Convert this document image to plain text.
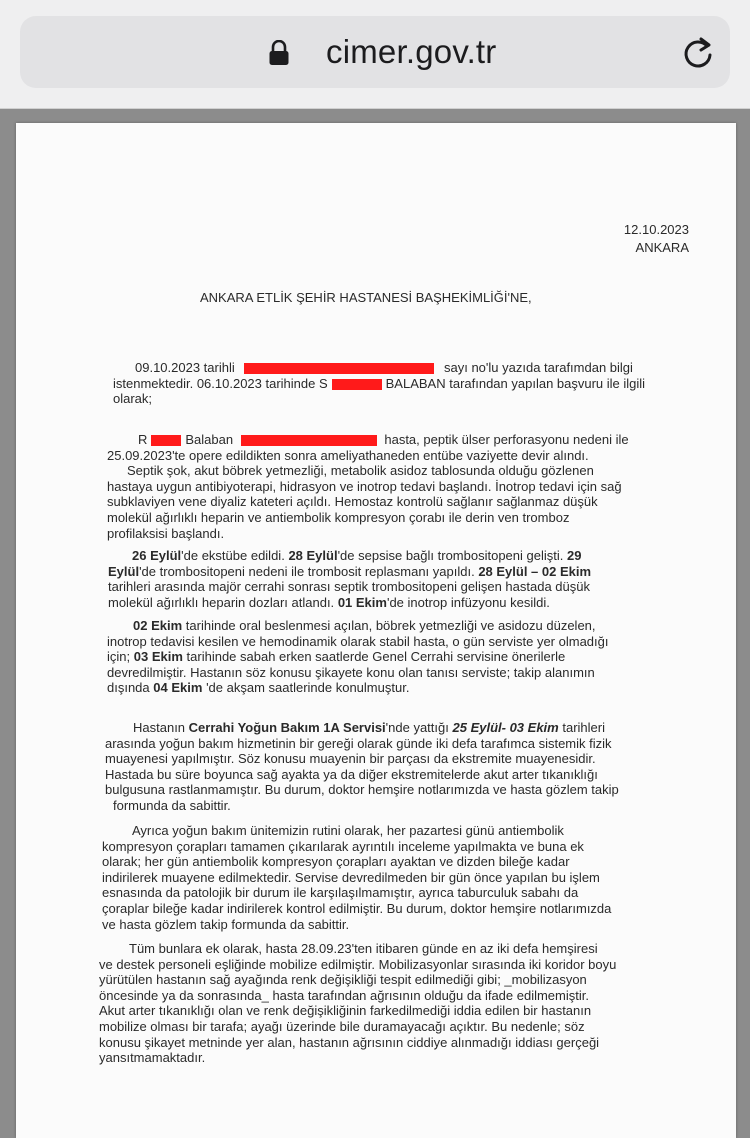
cimer.gov.tr
12.10.2023
ANKARA
ANKARA ETLİK ŞEHİR HASTANESİ BAŞHEKİMLİĞİ'NE,
09.10.2023 tarihli	sayı no'lu yazıda tarafımdan bilgi
istenmektedir. 06.10.2023 tarihinde S	BALABAN tarafından yapılan başvuru ile ilgili
olarak;
R	Balaban	hasta, peptik ülser perforasyonu nedeni ile
25.09.2023'te opere edildikten sonra ameliyathaneden entübe vaziyette devir alındı.
Septik şok, akut böbrek yetmezliği, metabolik asidoz tablosunda olduğu gözlenen
hastaya uygun antibiyoterapi, hidrasyon ve inotrop tedavi başlandı. İnotrop tedavi için sağ
subklaviyen vene diyaliz kateteri açıldı. Hemostaz kontrolü sağlanır sağlanmaz düşük
molekül ağırlıklı heparin ve antiembolik kompresyon çorabı ile derin ven tromboz
profilaksisi başlandı.
26 Eylül'de ekstübe edildi. 28 Eylül'de sepsise bağlı trombositopeni gelişti. 29
Eylül'de trombositopeni nedeni ile trombosit replasmanı yapıldı. 28 Eylül – 02 Ekim
tarihleri arasında majör cerrahi sonrası septik trombositopeni gelişen hastada düşük
molekül ağırlıklı heparin dozları atlandı. 01 Ekim'de inotrop infüzyonu kesildi.
02 Ekim tarihinde oral beslenmesi açılan, böbrek yetmezliği ve asidozu düzelen,
inotrop tedavisi kesilen ve hemodinamik olarak stabil hasta, o gün serviste yer olmadığı
için; 03 Ekim tarihinde sabah erken saatlerde Genel Cerrahi servisine önerilerle
devredilmiştir. Hastanın söz konusu şikayete konu olan tanısı serviste; takip alanımın
dışında 04 Ekim 'de akşam saatlerinde konulmuştur.
Hastanın Cerrahi Yoğun Bakım 1A Servisi'nde yattığı 25 Eylül- 03 Ekim tarihleri
arasında yoğun bakım hizmetinin bir gereği olarak günde iki defa tarafımca sistemik fizik
muayenesi yapılmıştır. Söz konusu muayenin bir parçası da ekstremite muayenesidir.
Hastada bu süre boyunca sağ ayakta ya da diğer ekstremitelerde akut arter tıkanıklığı
bulgusuna rastlanmamıştır. Bu durum, doktor hemşire notlarımızda ve hasta gözlem takip
formunda da sabittir.
Ayrıca yoğun bakım ünitemizin rutini olarak, her pazartesi günü antiembolik
kompresyon çorapları tamamen çıkarılarak ayrıntılı inceleme yapılmakta ve buna ek
olarak; her gün antiembolik kompresyon çorapları ayaktan ve dizden bileğe kadar
indirilerek muayene edilmektedir. Servise devredilmeden bir gün önce yapılan bu işlem
esnasında da patolojik bir durum ile karşılaşılmamıştır, ayrıca taburculuk sabahı da
çoraplar bileğe kadar indirilerek kontrol edilmiştir. Bu durum, doktor hemşire notlarımızda
ve hasta gözlem takip formunda da sabittir.
Tüm bunlara ek olarak, hasta 28.09.23'ten itibaren günde en az iki defa hemşiresi
ve destek personeli eşliğinde mobilize edilmiştir. Mobilizasyonlar sırasında iki koridor boyu
yürütülen hastanın sağ ayağında renk değişikliği tespit edilmediği gibi; _mobilizasyon
öncesinde ya da sonrasında_ hasta tarafından ağrısının olduğu da ifade edilmemiştir.
Akut arter tıkanıklığı olan ve renk değişikliğinin farkedilmediği iddia edilen bir hastanın
mobilize olması bir tarafa; ayağı üzerinde bile duramayacağı açıktır. Bu nedenle; söz
konusu şikayet metninde yer alan, hastanın ağrısının ciddiye alınmadığı iddiası gerçeği
yansıtmamaktadır.
